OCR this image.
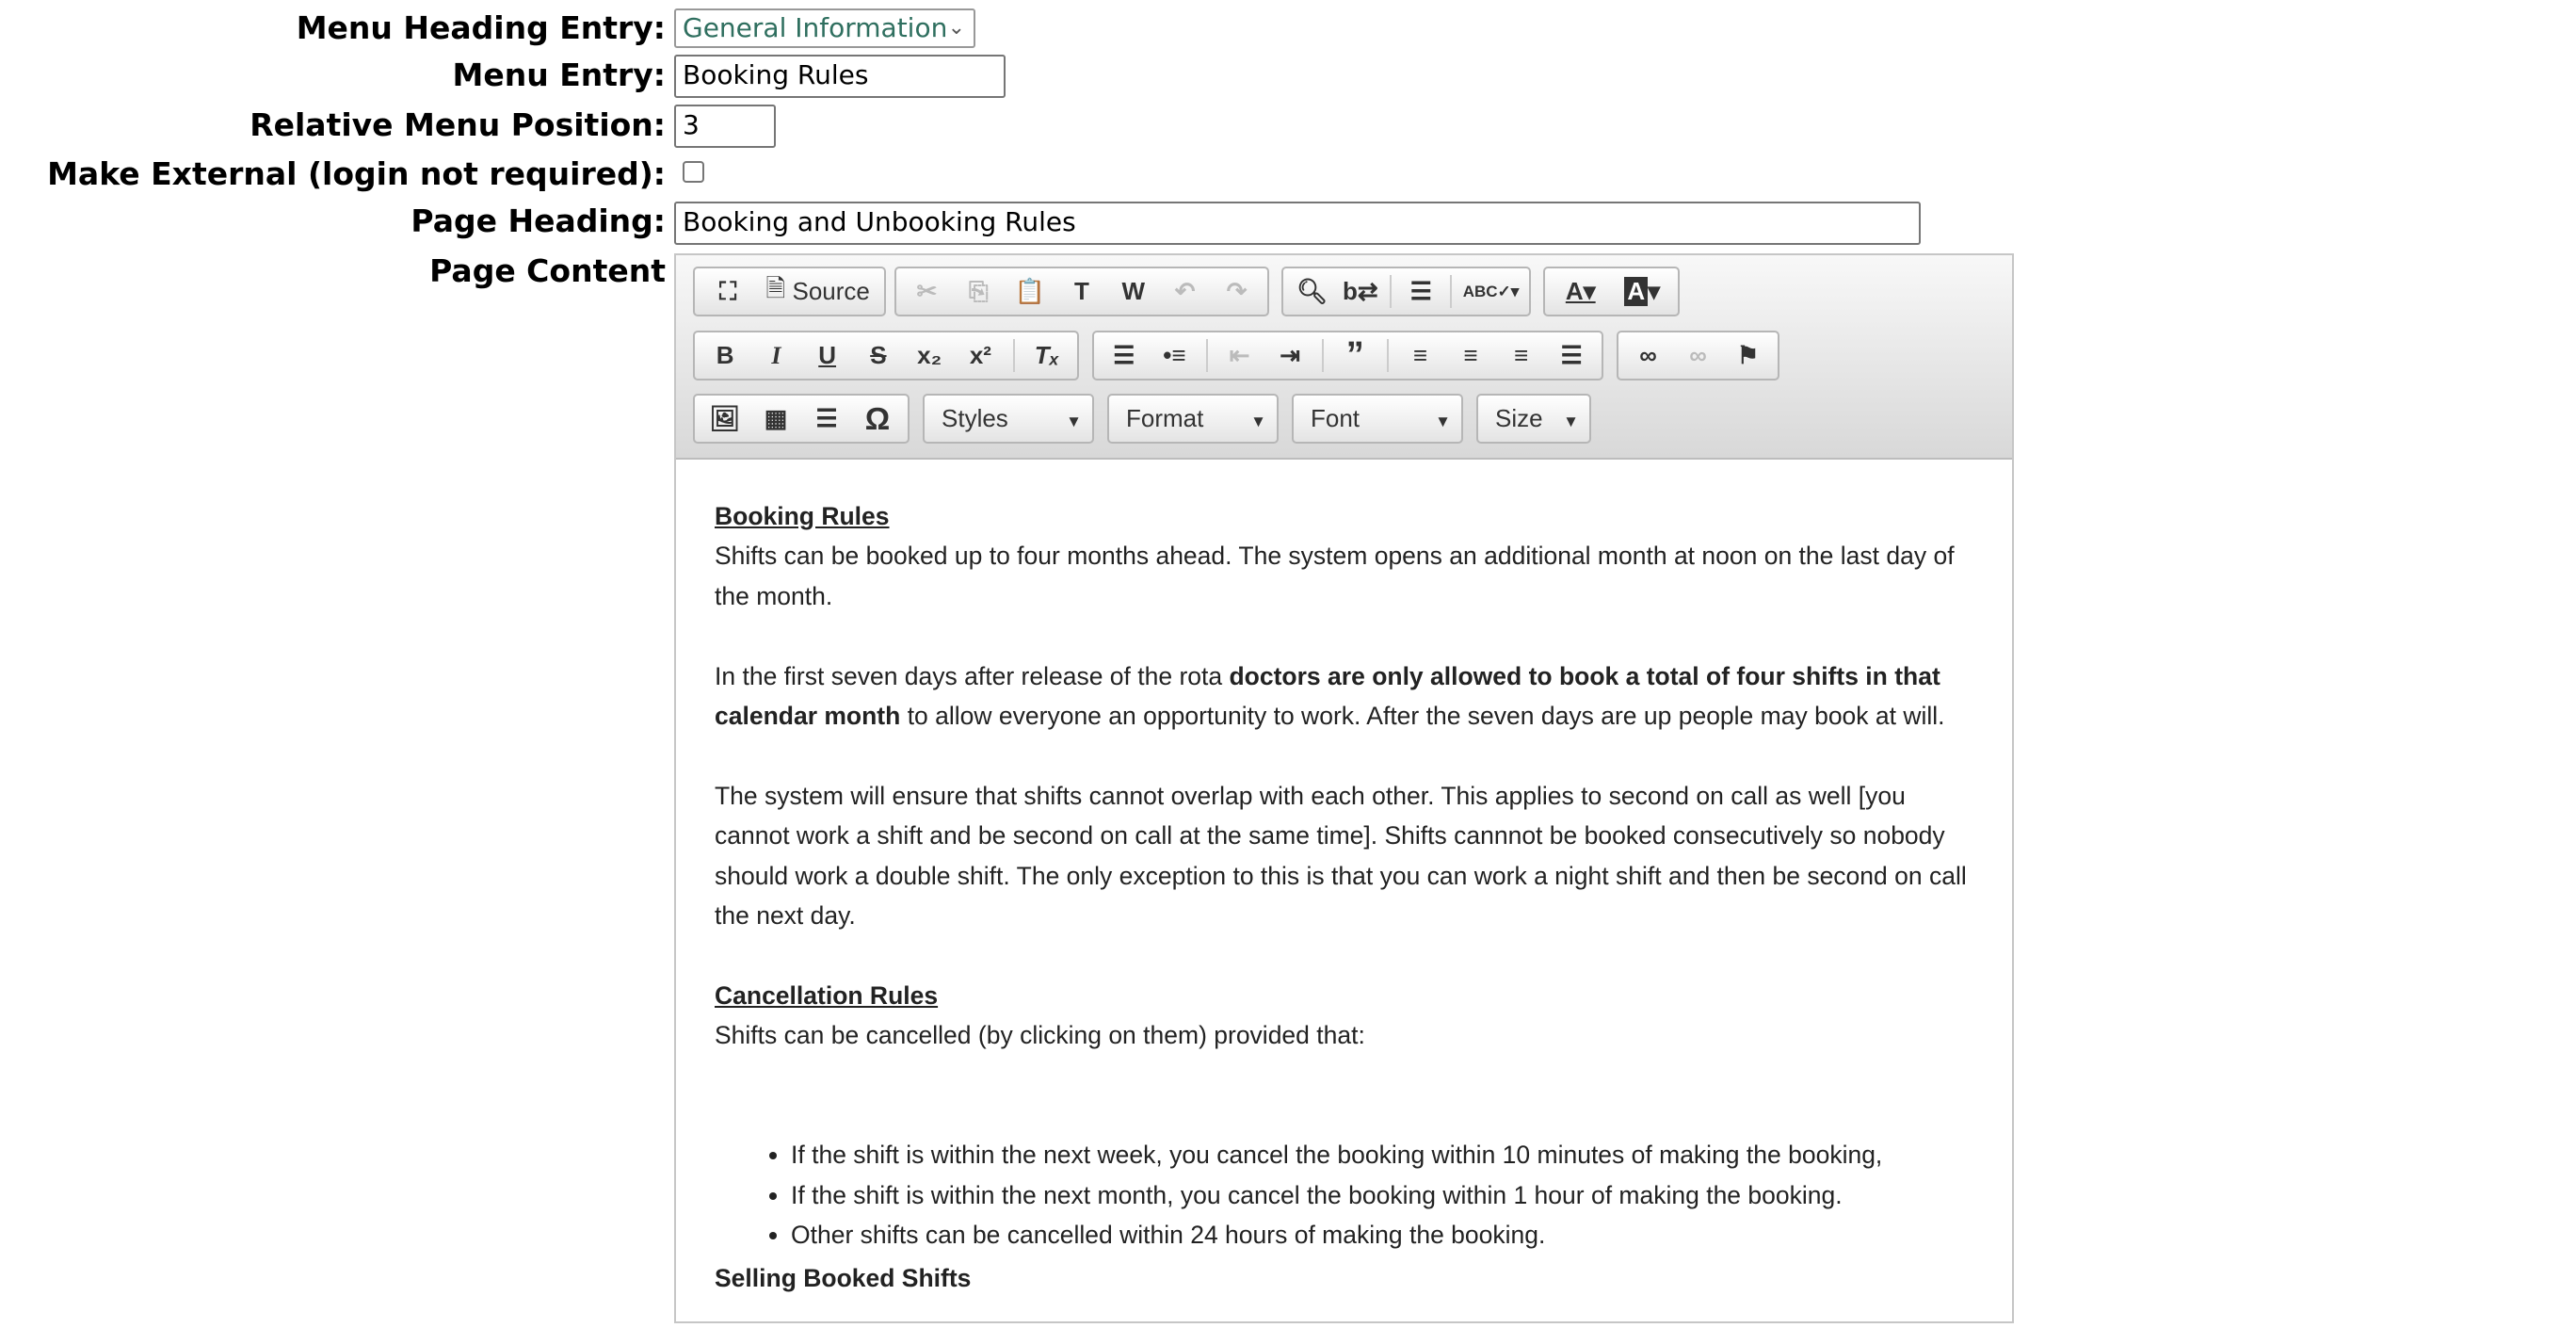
Menu Heading Entry: General Information ⌄
Menu Entry: Booking Rules
Relative Menu Position: 3
Make External (login not required):
Page Heading: Booking and Unbooking Rules
Page Content
⛶	🗎 Source	✂	⎘	📋	T	W	↶	↷	🔍︎ b⇄	☰	ABC✓▾ A▾ A ▾
B	I	U	S	x₂	x²	Tₓ	☰	•≡	⇤	⇥ ”	≡	≡	≡	☰	∞	∞	⚑
🖼︎ ▦	☰ Ω	Styles	▼	Format	▼	Font	▼	Size ▼
Booking Rules

Shifts can be booked up to four months ahead. The system opens an additional month at noon on the last day of the month.

In the first seven days after release of the rota doctors are only allowed to book a total of four shifts in that calendar month to allow everyone an opportunity to work. After the seven days are up people may book at will.

The system will ensure that shifts cannot overlap with each other. This applies to second on call as well [you cannot work a shift and be second on call at the same time]. Shifts cannnot be booked consecutively so nobody should work a double shift. The only exception to this is that you can work a night shift and then be second on call the next day.

Cancellation Rules

Shifts can be cancelled (by clicking on them) provided that:

• If the shift is within the next week, you cancel the booking within 10 minutes of making the booking,
• If the shift is within the next month, you cancel the booking within 1 hour of making the booking.
• Other shifts can be cancelled within 24 hours of making the booking.
Selling Booked Shifts
